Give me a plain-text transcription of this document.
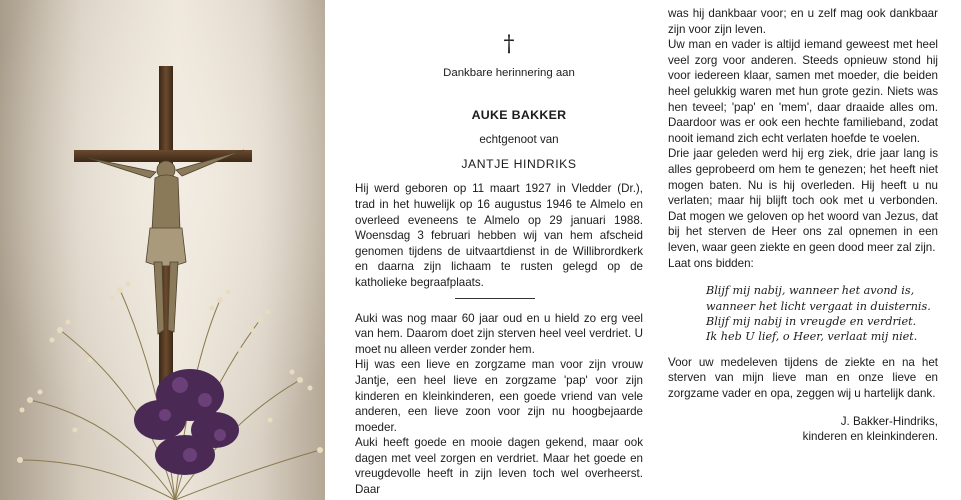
†
Dankbare herinnering aan
AUKE BAKKER
echtgenoot van
JANTJE HINDRIKS

Hij werd geboren op 11 maart 1927 in Vledder (Dr.), trad in het huwelijk op 16 augustus 1946 te Almelo en overleed eveneens te Almelo op 29 januari 1988. Woensdag 3 februari hebben wij van hem afscheid genomen tijdens de uitvaartdienst in de Willibrordkerk en daarna zijn lichaam te rusten gelegd op de katholieke begraafplaats.

Auki was nog maar 60 jaar oud en u hield zo erg veel van hem. Daarom doet zijn sterven heel veel verdriet. U moet nu alleen verder zonder hem.

Hij was een lieve en zorgzame man voor zijn vrouw Jantje, een heel lieve en zorgzame 'pap' voor zijn kinderen en kleinkinderen, een goede vriend van vele anderen, een lieve zoon voor zijn nu hoogbejaarde moeder.

Auki heeft goede en mooie dagen gekend, maar ook dagen met veel zorgen en verdriet. Maar het goede en vreugdevolle heeft in zijn leven toch wel overheerst. Daar

was hij dankbaar voor; en u zelf mag ook dankbaar zijn voor zijn leven.

Uw man en vader is altijd iemand geweest met heel veel zorg voor anderen. Steeds opnieuw stond hij voor iedereen klaar, samen met moeder, die beiden heel gelukkig waren met hun grote gezin. Niets was hen teveel; 'pap' en 'mem', daar draaide alles om. Daardoor was er ook een hechte familieband, zodat nooit iemand zich echt verlaten hoefde te voelen.

Drie jaar geleden werd hij erg ziek, drie jaar lang is alles geprobeerd om hem te genezen; het heeft niet mogen baten. Nu is hij overleden. Hij heeft u nu verlaten; maar hij blijft toch ook met u verbonden. Dat mogen we geloven op het woord van Jezus, dat bij het sterven de Heer ons zal opnemen in een leven, waar geen ziekte en geen dood meer zal zijn.

Laat ons bidden:

Blijf mij nabij, wanneer het avond is,
wanneer het licht vergaat in duisternis.
Blijf mij nabij in vreugde en verdriet.
Ik heb U lief, o Heer, verlaat mij niet.

Voor uw medeleven tijdens de ziekte en na het sterven van mijn lieve man en onze lieve en zorgzame vader en opa, zeggen wij u hartelijk dank.

J. Bakker-Hindriks,
kinderen en kleinkinderen.
